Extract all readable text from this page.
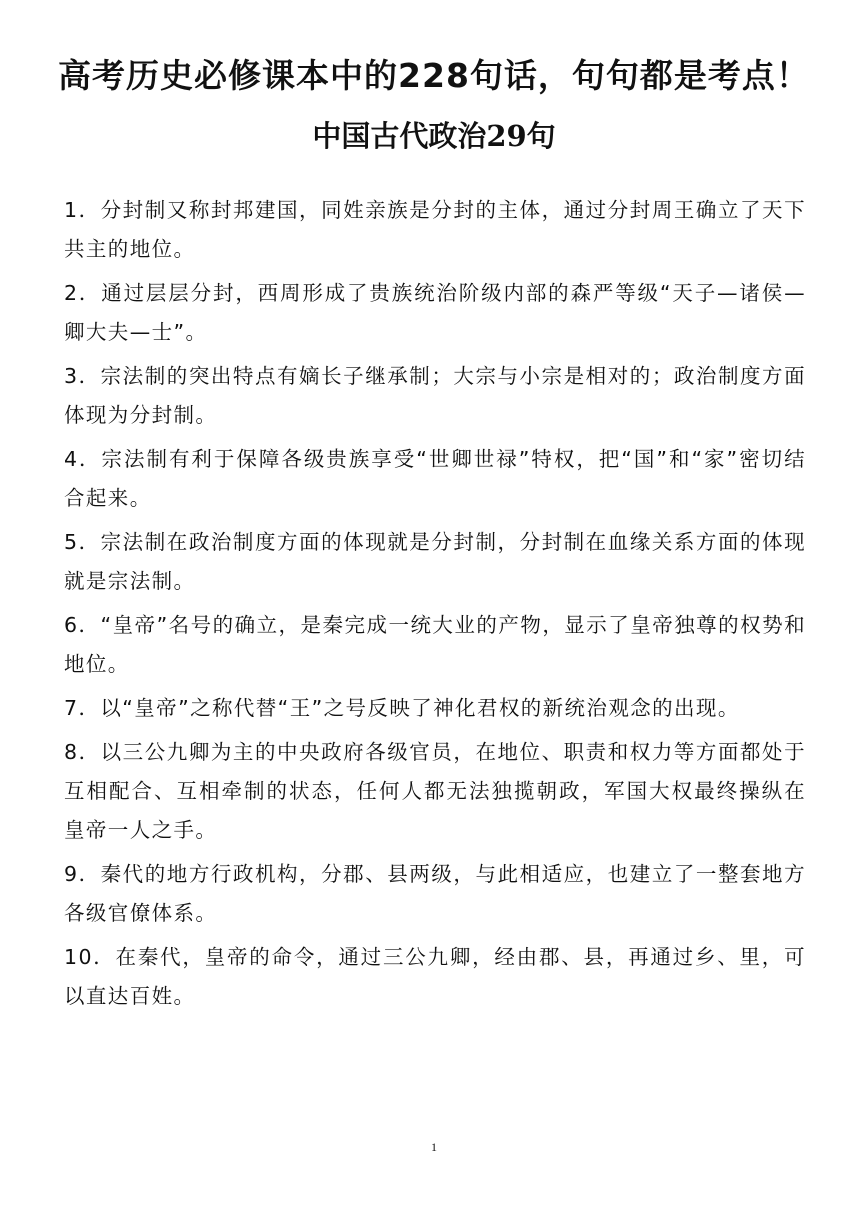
高考历史必修课本中的228句话，句句都是考点！
中国古代政治29句

1．分封制又称封邦建国，同姓亲族是分封的主体，通过分封周王确立了天下共主的地位。

2．通过层层分封，西周形成了贵族统治阶级内部的森严等级“天子—诸侯—卿大夫—士”。

3．宗法制的突出特点有嫡长子继承制；大宗与小宗是相对的；政治制度方面体现为分封制。

4．宗法制有利于保障各级贵族享受“世卿世禄”特权，把“国”和“家”密切结合起来。

5．宗法制在政治制度方面的体现就是分封制，分封制在血缘关系方面的体现就是宗法制。

6．“皇帝”名号的确立，是秦完成一统大业的产物，显示了皇帝独尊的权势和地位。

7．以“皇帝”之称代替“王”之号反映了神化君权的新统治观念的出现。

8．以三公九卿为主的中央政府各级官员，在地位、职责和权力等方面都处于互相配合、互相牵制的状态，任何人都无法独揽朝政，军国大权最终操纵在皇帝一人之手。

9．秦代的地方行政机构，分郡、县两级，与此相适应，也建立了一整套地方各级官僚体系。

10．在秦代，皇帝的命令，通过三公九卿，经由郡、县，再通过乡、里，可以直达百姓。

1
